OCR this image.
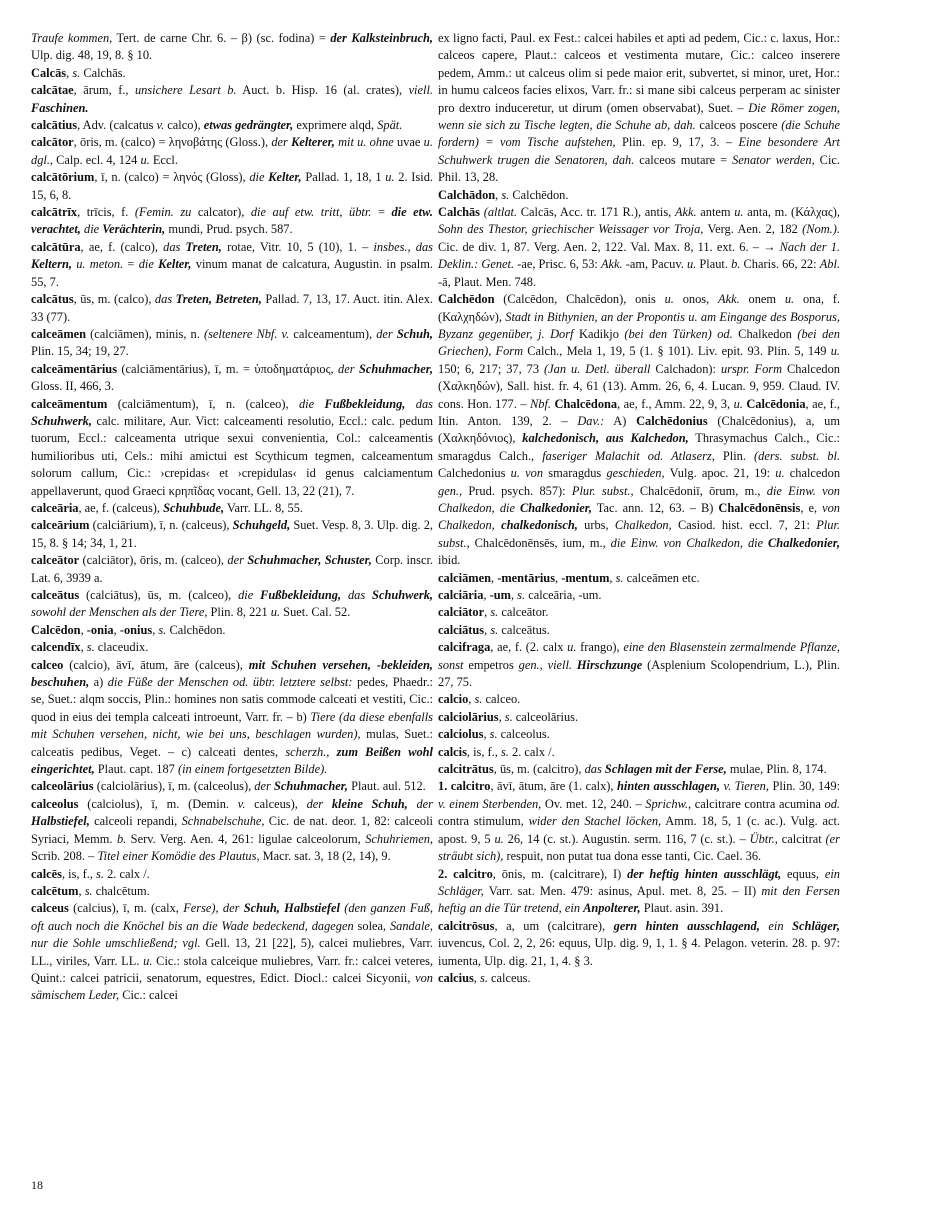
Traufe kommen, Tert. de carne Chr. 6. – β) (sc. fodina) = der Kalksteinbruch, Ulp. dig. 48, 19, 8. § 10.

Calcās, s. Calchās.

calcātae, ārum, f., unsichere Lesart b. Auct. b. Hisp. 16 (al. crates), viell. Faschinen.

calcātius, Adv. (calcatus v. calco), etwas gedrängter, exprimere alqd, Spät.

calcātor, ōris, m. (calco) = ληνοβάτης (Gloss.), der Kelterer, mit u. ohne uvae u. dgl., Calp. ecl. 4, 124 u. Eccl.

calcātōrium, ī, n. (calco) = ληνός (Gloss), die Kelter, Pallad. 1, 18, 1 u. 2. Isid. 15, 6, 8.

calcātrīx, trīcis, f. (Femin. zu calcator), die auf etw. tritt, übtr. = die etw. verachtet, die Verächterin, mundi, Prud. psych. 587.

calcātūra, ae, f. (calco), das Treten, rotae, Vitr. 10, 5 (10), 1. – insbes., das Keltern, u. meton. = die Kelter, vinum manat de calcatura, Augustin. in psalm. 55, 7.

calcātus, ūs, m. (calco), das Treten, Betreten, Pallad. 7, 13, 17. Auct. itin. Alex. 33 (77).

calceāmen (calciāmen), minis, n. (seltenere Nbf. v. calceamentum), der Schuh, Plin. 15, 34; 19, 27.

calceāmentārius (calciāmentārius), ī, m. = ὑποδηματάριος, der Schuhmacher, Gloss. II, 466, 3.

calceāmentum (calciāmentum), ī, n. (calceo), die Fußbekleidung, das Schuhwerk, calc. militare, Aur. Vict: calceamenti resolutio, Eccl.: calc. pedum tuorum, Eccl.: calceamenta utrique sexui convenientia, Col.: calceamentis humilioribus uti, Cels.: mihi amictui est Scythicum tegmen, calceamentum solorum callum, Cic.: ›crepidas‹ et ›crepidulas‹ id genus calciamentum appellaverunt, quod Graeci κρηπῖδας vocant, Gell. 13, 22 (21), 7.

calceāria, ae, f. (calceus), Schuhbude, Varr. LL. 8, 55.

calceārium (calciārium), ī, n. (calceus), Schuhgeld, Suet. Vesp. 8, 3. Ulp. dig. 2, 15, 8. § 14; 34, 1, 21.

calceātor (calciātor), ōris, m. (calceo), der Schuhmacher, Schuster, Corp. inscr. Lat. 6, 3939 a.

calceātus (calciātus), ūs, m. (calceo), die Fußbekleidung, das Schuhwerk, sowohl der Menschen als der Tiere, Plin. 8, 221 u. Suet. Cal. 52.

Calcēdon, -onia, -onius, s. Calchēdon.

calcendīx, s. claceudix.

calceo (calcio), āvī, ātum, āre (calceus), mit Schuhen versehen, -bekleiden, beschuhen, a) die Füße der Menschen od. übtr. letztere selbst: pedes, Phaedr.: se, Suet.: alqm soccis, Plin.: homines non satis commode calceati et vestiti, Cic.: quod in eius dei templa calceati introeunt, Varr. fr. – b) Tiere (da diese ebenfalls mit Schuhen versehen, nicht, wie bei uns, beschlagen wurden), mulas, Suet.: calceatis pedibus, Veget. – c) calceati dentes, scherzh., zum Beißen wohl eingerichtet, Plaut. capt. 187 (in einem fortgesetzten Bilde).

calceolārius (calciolārius), ī, m. (calceolus), der Schuhmacher, Plaut. aul. 512.

calceolus (calciolus), ī, m. (Demin. v. calceus), der kleine Schuh, der Halbstiefel, calceoli repandi, Schnabelschuhe, Cic. de nat. deor. 1, 82: calceoli Syriaci, Memm. b. Serv. Verg. Aen. 4, 261: ligulae calceolorum, Schuhriemen, Scrib. 208. – Titel einer Komödie des Plautus, Macr. sat. 3, 18 (2, 14), 9.

calcēs, is, f., s. 2. calx /.

calcētum, s. chalcētum.

calceus (calcius), ī, m. (calx, Ferse), der Schuh, Halbstiefel (den ganzen Fuß, oft auch noch die Knöchel bis an die Wade bedeckend, dagegen solea, Sandale, nur die Sohle umschließend; vgl. Gell. 13, 21 [22], 5), calcei muliebres, Varr. LL., viriles, Varr. LL. u. Cic.: stola calceique muliebres, Varr. fr.: calcei veteres, Quint.: calcei patricii, senatorum, equestres, Edict. Diocl.: calcei Sicyonii, von sämischem Leder, Cic.: calcei

ex ligno facti, Paul. ex Fest.: calcei habiles et apti ad pedem, Cic.: c. laxus, Hor.: calceos capere, Plaut.: calceos et vestimenta mutare, Cic.: calceo inserere pedem, Amm.: ut calceus olim si pede maior erit, subvertet, si minor, uret, Hor.: in humu calceos facies elixos, Varr. fr.: si mane sibi calceus perperam ac sinister pro dextro induceretur, ut dirum (omen observabat), Suet. – Die Römer zogen, wenn sie sich zu Tische legten, die Schuhe ab, dah. calceos poscere (die Schuhe fordern) = vom Tische aufstehen, Plin. ep. 9, 17, 3. – Eine besondere Art Schuhwerk trugen die Senatoren, dah. calceos mutare = Senator werden, Cic. Phil. 13, 28.

Calchādon, s. Calchēdon.

Calchās (altlat. Calcās, Acc. tr. 171 R.), antis, Akk. antem u. anta, m. (Κάλχας), Sohn des Thestor, griechischer Weissager vor Troja, Verg. Aen. 2, 182 (Nom.). Cic. de div. 1, 87. Verg. Aen. 2, 122. Val. Max. 8, 11. ext. 6. – → Nach der 1. Deklin.: Genet. -ae, Prisc. 6, 53: Akk. -am, Pacuv. u. Plaut. b. Charis. 66, 22: Abl. -ā, Plaut. Men. 748.

Calchēdon (Calcēdon, Chalcēdon), onis u. onos, Akk. onem u. ona, f. (Καλχηδών), Stadt in Bithynien, an der Propontis u. am Eingange des Bosporus, Byzanz gegenüber, j. Dorf Kadikjo (bei den Türken) od. Chalkedon (bei den Griechen), Form Calch., Mela 1, 19, 5 (1. § 101). Liv. epit. 93. Plin. 5, 149 u. 150; 6, 217; 37, 73 (Jan u. Detl. überall Calchadon): urspr. Form Chalcedon (Χαλκηδών), Sall. hist. fr. 4, 61 (13). Amm. 26, 6, 4. Lucan. 9, 959. Claud. IV. cons. Hon. 177. – Nbf. Chalcēdona, ae, f., Amm. 22, 9, 3, u. Calcēdonia, ae, f., Itin. Anton. 139, 2. – Dav.: A) Calchēdonius (Chalcēdonius), a, um (Χαλκηδόνιος), kalchedonisch, aus Kalchedon, Thrasymachus Calch., Cic.: smaragdus Calch., faseriger Malachit od. Atlaserz, Plin. (ders. subst. bl. Calchedonius u. von smaragdus geschieden, Vulg. apoc. 21, 19: u. chalcedon gen., Prud. psych. 857): Plur. subst., Chalcēdoniī, ōrum, m., die Einw. von Chalkedon, die Chalkedonier, Tac. ann. 12, 63. – B) Chalcēdonēnsis, e, von Chalkedon, chalkedonisch, urbs, Chalkedon, Casiod. hist. eccl. 7, 21: Plur. subst., Chalcēdonēnsēs, ium, m., die Einw. von Chalkedon, die Chalkedonier, ibid.

calciāmen, -mentārius, -mentum, s. calceāmen etc.

calciāria, -um, s. calceāria, -um.

calciātor, s. calceātor.

calciātus, s. calceātus.

calcifraga, ae, f. (2. calx u. frango), eine den Blasenstein zermalmende Pflanze, sonst empetros gen., viell. Hirschzunge (Asplenium Scolopendrium, L.), Plin. 27, 75.

calcio, s. calceo.

calciolārius, s. calceolārius.

calciolus, s. calceolus.

calcis, is, f., s. 2. calx /.

calcitrātus, ūs, m. (calcitro), das Schlagen mit der Ferse, mulae, Plin. 8, 174.

1. calcitro, āvī, ātum, āre (1. calx), hinten ausschlagen, v. Tieren, Plin. 30, 149: v. einem Sterbenden, Ov. met. 12, 240. – Sprichw., calcitrare contra acumina od. contra stimulum, wider den Stachel löcken, Amm. 18, 5, 1 (c. ac.). Vulg. act. apost. 9, 5 u. 26, 14 (c. st.). Augustin. serm. 116, 7 (c. st.). – Übtr., calcitrat (er sträubt sich), respuit, non putat tua dona esse tanti, Cic. Cael. 36.

2. calcitro, ōnis, m. (calcitrare), I) der heftig hinten ausschlägt, equus, ein Schläger, Varr. sat. Men. 479: asinus, Apul. met. 8, 25. – II) mit den Fersen heftig an die Tür tretend, ein Anpolterer, Plaut. asin. 391.

calcitrōsus, a, um (calcitrare), gern hinten ausschlagend, ein Schläger, iuvencus, Col. 2, 2, 26: equus, Ulp. dig. 9, 1, 1. § 4. Pelagon. veterin. 28. p. 97: iumenta, Ulp. dig. 21, 1, 4. § 3.

calcius, s. calceus.

18
